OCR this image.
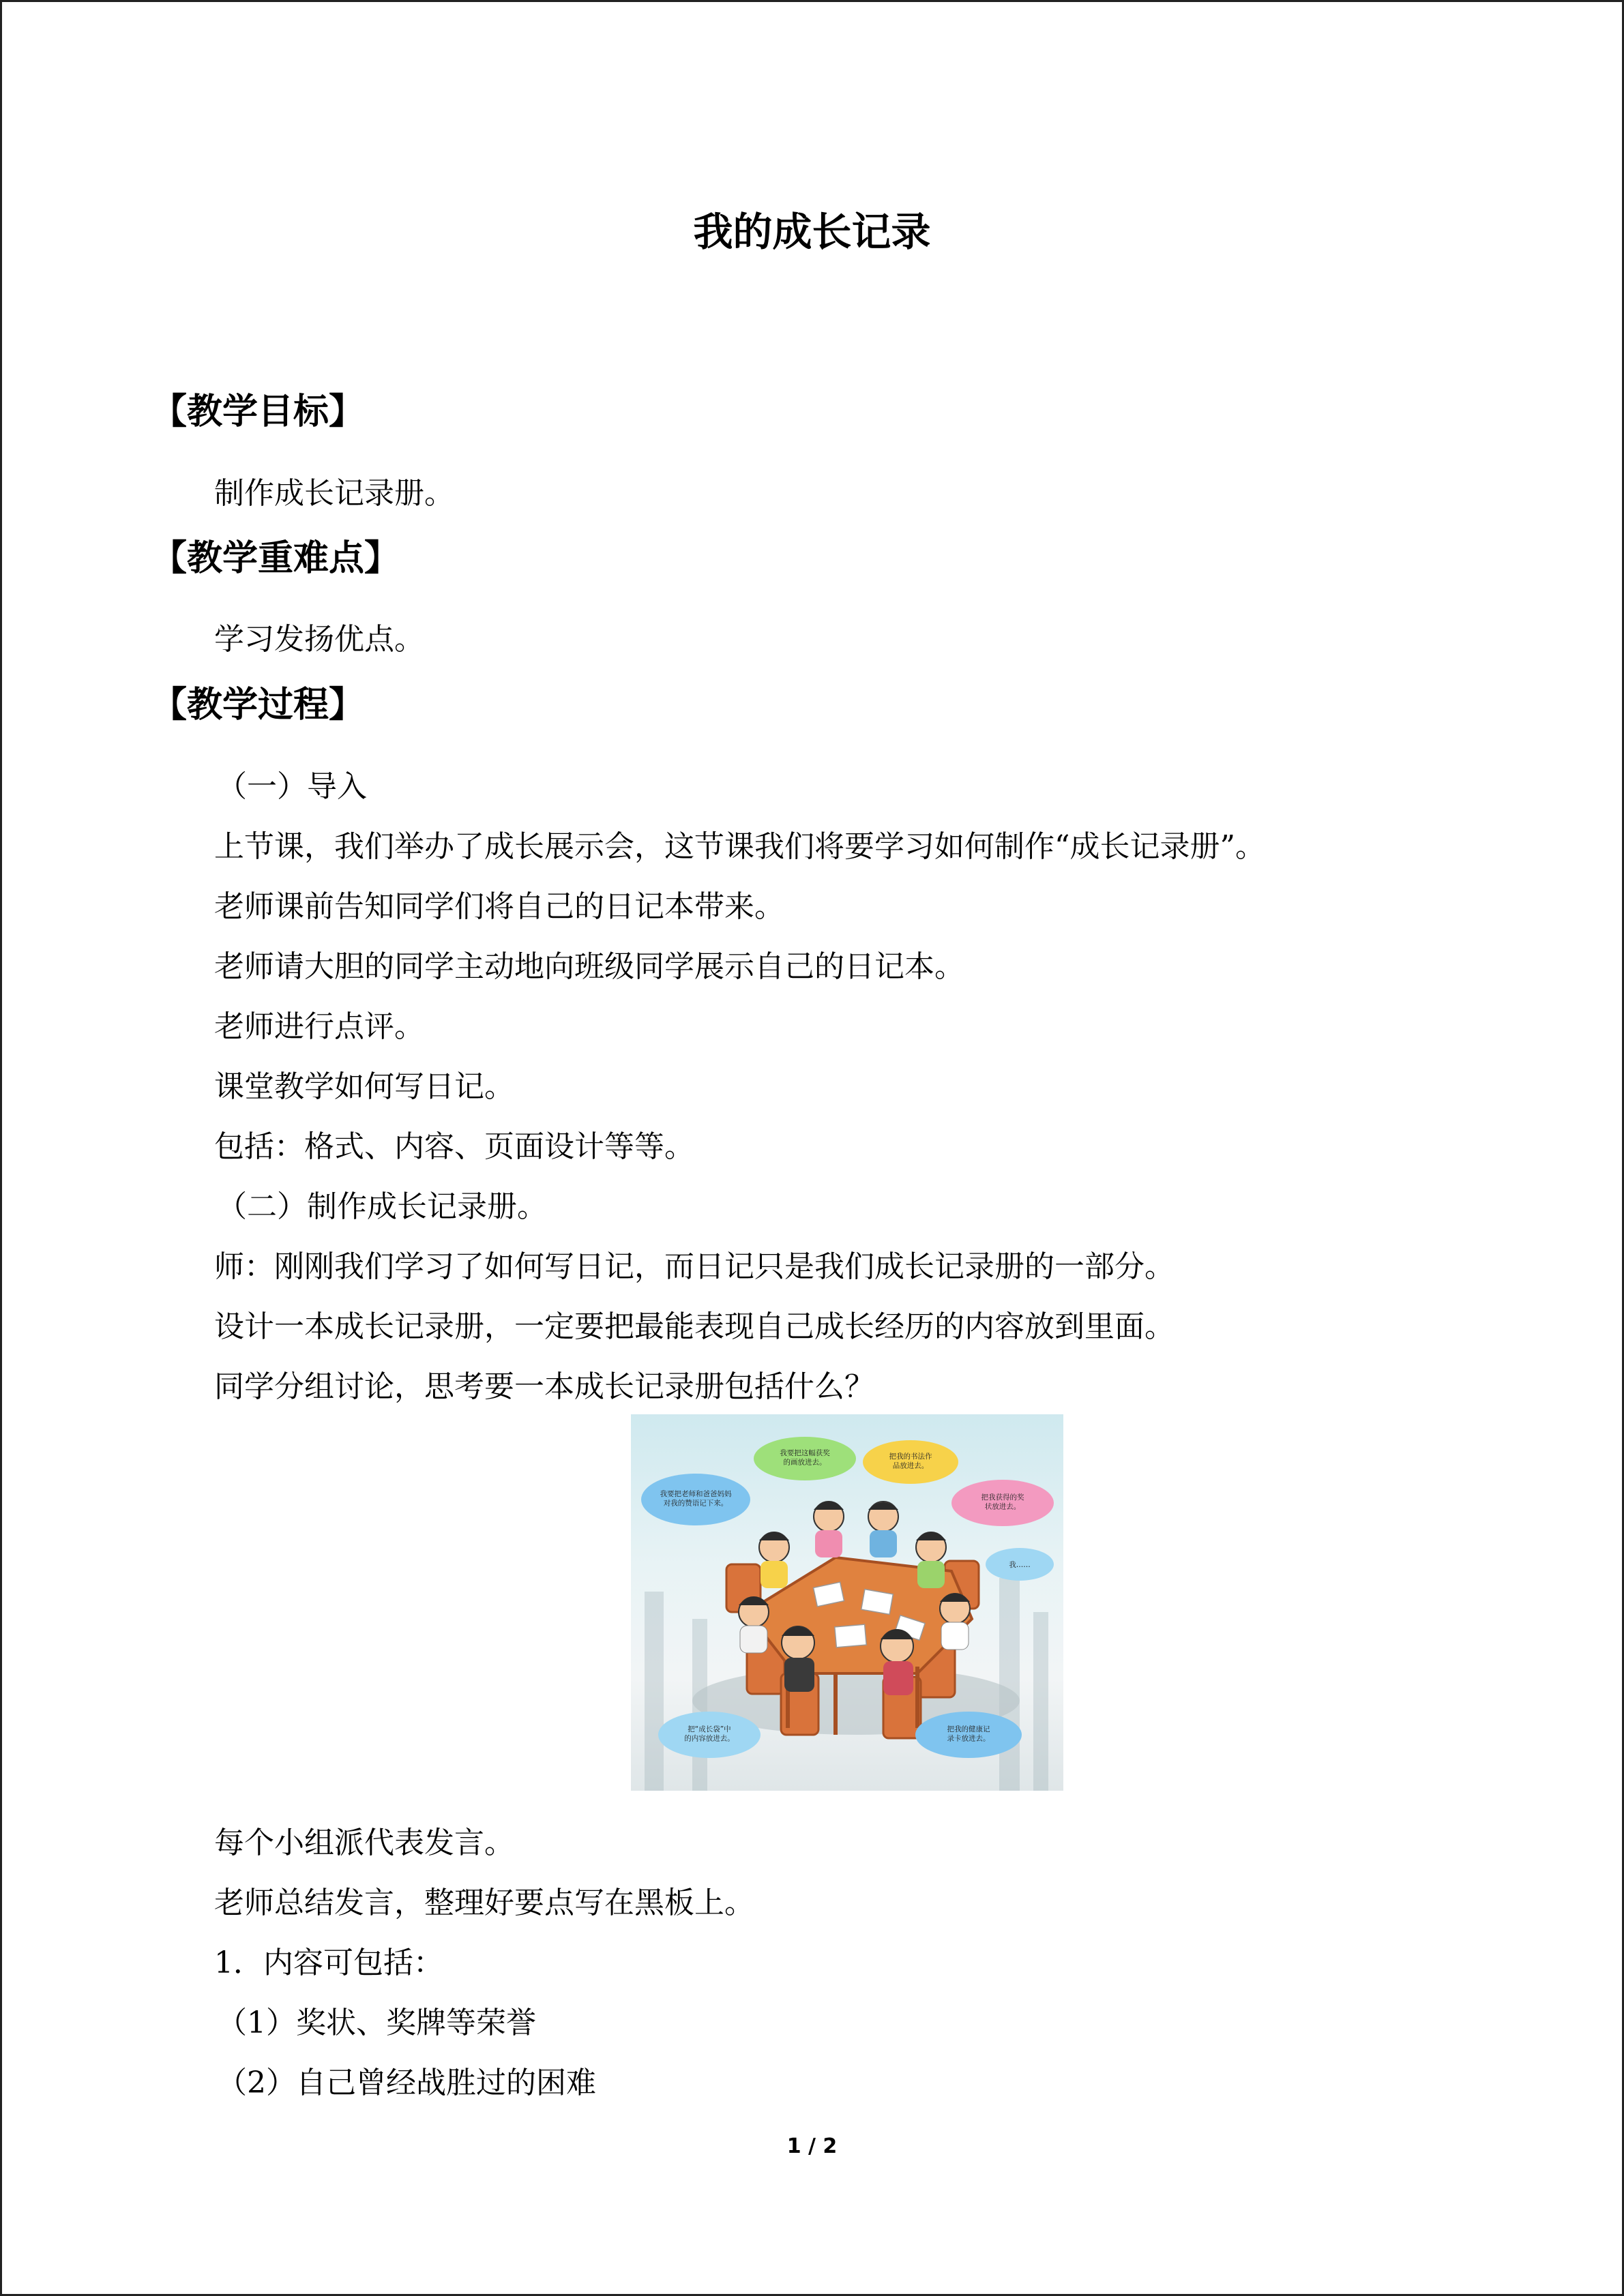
我的成长记录
【教学目标】
制作成长记录册。
【教学重难点】
学习发扬优点。
【教学过程】
（一）导入
上节课，我们举办了成长展示会，这节课我们将要学习如何制作“成长记录册”。
老师课前告知同学们将自己的日记本带来。
老师请大胆的同学主动地向班级同学展示自己的日记本。
老师进行点评。
课堂教学如何写日记。
包括：格式、内容、页面设计等等。
（二）制作成长记录册。
师：刚刚我们学习了如何写日记，而日记只是我们成长记录册的一部分。
设计一本成长记录册，一定要把最能表现自己成长经历的内容放到里面。
同学分组讨论，思考要一本成长记录册包括什么？
我要把这幅获奖的画放进去。
把我的书法作品放进去。
我要把老师和爸爸妈妈对我的赞语记下来。
把我获得的奖状放进去。
我……
把“成长袋”中的内容放进去。
把我的健康记录卡放进去。
每个小组派代表发言。
老师总结发言，整理好要点写在黑板上。
1．内容可包括：
（1）奖状、奖牌等荣誉
（2）自己曾经战胜过的困难
1 / 2
